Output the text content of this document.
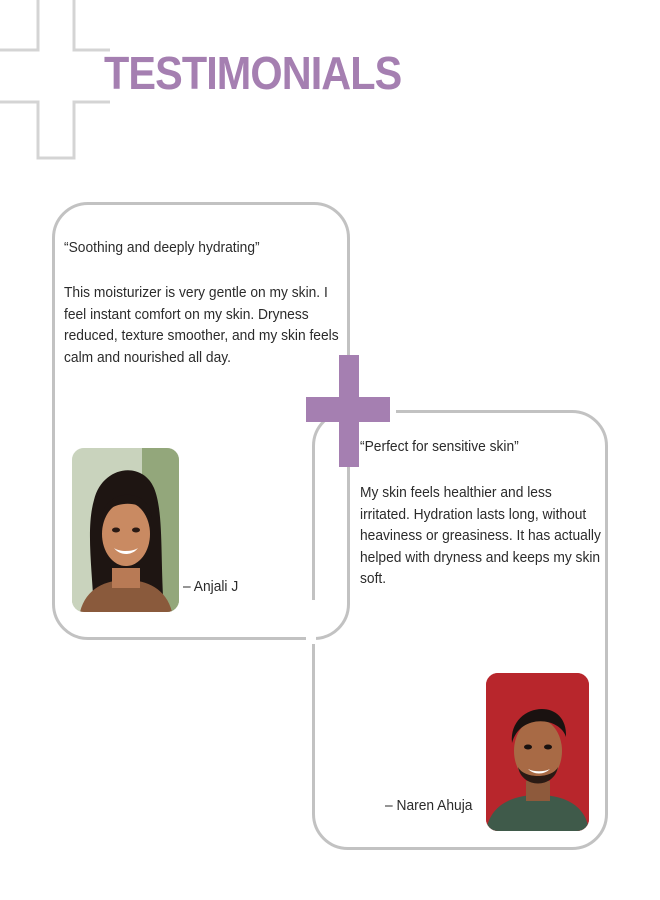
TESTIMONIALS

“Soothing and deeply hydrating”

This moisturizer is very gentle on my skin. I feel instant comfort on my skin. Dryness reduced, texture smoother, and my skin feels calm and nourished all day.

– Anjali J

“Perfect for sensitive skin”

My skin feels healthier and less irritated. Hydration lasts long, without heaviness or greasiness. It has actually helped with dryness and keeps my skin soft.

– Naren Ahuja
